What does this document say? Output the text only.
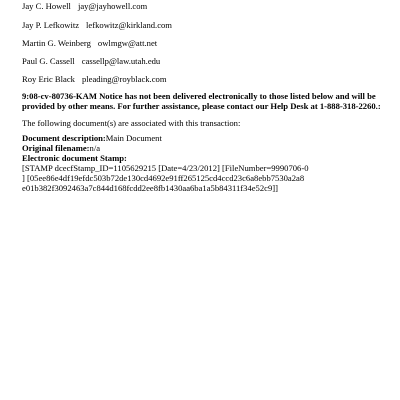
Jay C. Howell jay@jayhowell.com
Jay P. Lefkowitz lefkowitz@kirkland.com
Martin G. Weinberg owlmgw@att.net
Paul G. Cassell cassellp@law.utah.edu
Roy Eric Black pleading@royblack.com
9:08-cv-80736-KAM Notice has not been delivered electronically to those listed below and will be provided by other means. For further assistance, please contact our Help Desk at 1-888-318-2260.:
The following document(s) are associated with this transaction:
Document description:Main Document
Original filename:n/a
Electronic document Stamp:
[STAMP dcecfStamp_ID=1105629215 [Date=4/23/2012] [FileNumber=9990706-0
] [05ee86e4df19efdc503b72de130cd4692e91ff265125cd4ccd23c6a8ebb7530a2a8
e01b382f3092463a7c844d168fcdd2ee8fb1430aa6ba1a5b84311f34e52c9]]
